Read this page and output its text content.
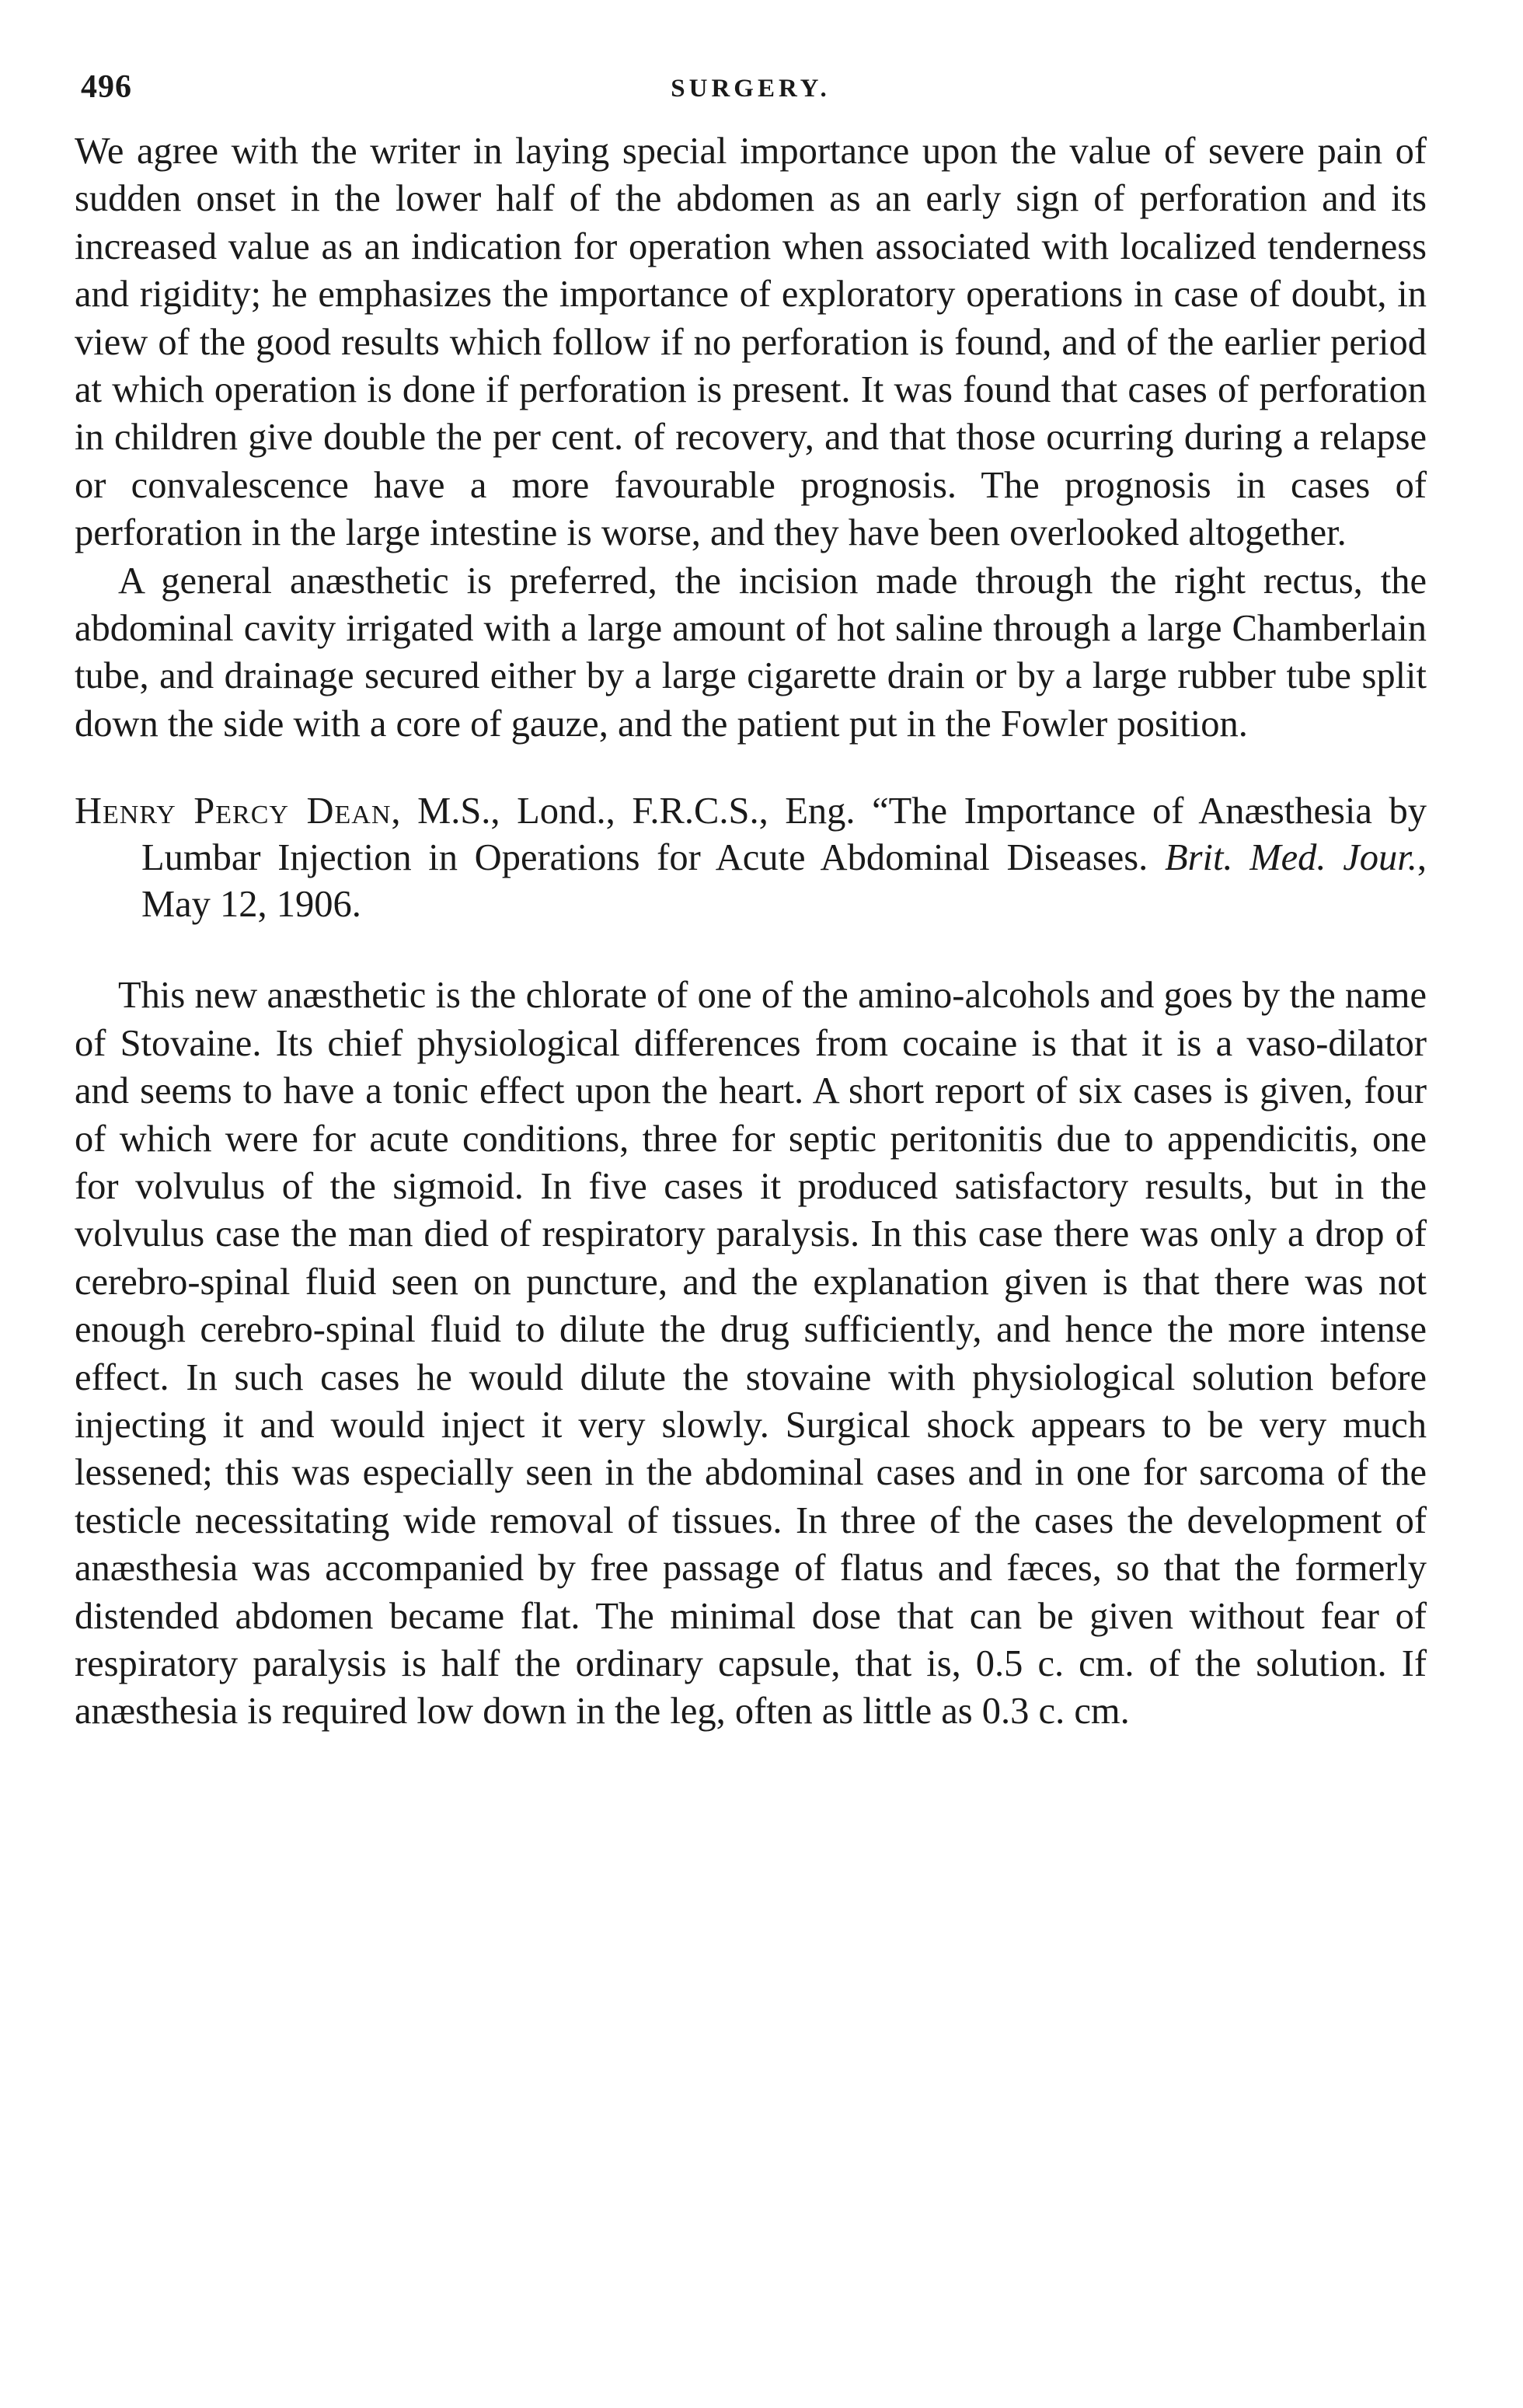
496	SURGERY.

We agree with the writer in laying special importance upon the value of severe pain of sudden onset in the lower half of the abdomen as an early sign of perforation and its increased value as an indication for operation when associated with localized tenderness and rigidity; he emphasizes the importance of exploratory operations in case of doubt, in view of the good results which follow if no perforation is found, and of the earlier period at which operation is done if perforation is present. It was found that cases of perforation in children give double the per cent. of recovery, and that those ocurring during a relapse or convalescence have a more favourable prognosis. The prognosis in cases of perforation in the large intestine is worse, and they have been overlooked altogether.

A general anæsthetic is preferred, the incision made through the right rectus, the abdominal cavity irrigated with a large amount of hot saline through a large Chamberlain tube, and drainage secured either by a large cigarette drain or by a large rubber tube split down the side with a core of gauze, and the patient put in the Fowler position.

Henry Percy Dean, M.S., Lond., F.R.C.S., Eng. “The Importance of Anæsthesia by Lumbar Injection in Operations for Acute Abdominal Diseases. Brit. Med. Jour., May 12, 1906.

This new anæsthetic is the chlorate of one of the amino-alcohols and goes by the name of Stovaine. Its chief physiological differences from cocaine is that it is a vaso-dilator and seems to have a tonic effect upon the heart. A short report of six cases is given, four of which were for acute conditions, three for septic peritonitis due to appendicitis, one for volvulus of the sigmoid. In five cases it produced satisfactory results, but in the volvulus case the man died of respiratory paralysis. In this case there was only a drop of cerebro-spinal fluid seen on puncture, and the explanation given is that there was not enough cerebro-spinal fluid to dilute the drug sufficiently, and hence the more intense effect. In such cases he would dilute the stovaine with physiological solution before injecting it and would inject it very slowly. Surgical shock appears to be very much lessened; this was especially seen in the abdominal cases and in one for sarcoma of the testicle necessitating wide removal of tissues. In three of the cases the development of anæsthesia was accompanied by free passage of flatus and fæces, so that the formerly distended abdomen became flat. The minimal dose that can be given without fear of respiratory paralysis is half the ordinary capsule, that is, 0.5 c. cm. of the solution. If anæsthesia is required low down in the leg, often as little as 0.3 c. cm.
